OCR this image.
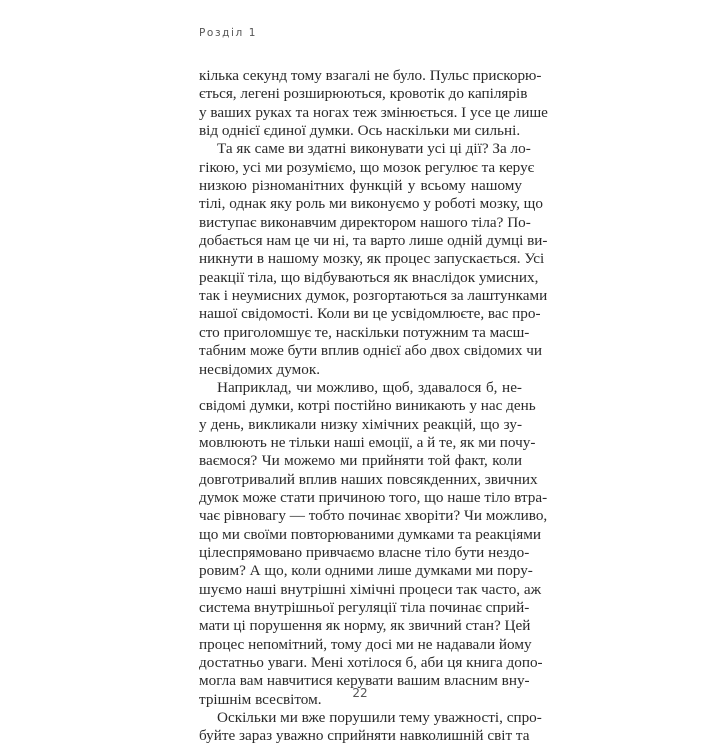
Розділ 1
кілька секунд тому взагалі не було. Пульс прискорю-
ється, легені розширюються, кровотік до капілярів
у ваших руках та ногах теж змінюється. І усе це лише
від однієї єдиної думки. Ось наскільки ми сильні.
Та як саме ви здатні виконувати усі ці дії? За ло-
гікою, усі ми розуміємо, що мозок регулює та керує
низкою різноманітних функцій у всьому нашому
тілі, однак яку роль ми виконуємо у роботі мозку, що
виступає виконавчим директором нашого тіла? По-
добається нам це чи ні, та варто лише одній думці ви-
никнути в нашому мозку, як процес запускається. Усі
реакції тіла, що відбуваються як внаслідок умисних,
так і неумисних думок, розгортаються за лаштунками
нашої свідомості. Коли ви це усвідомлюєте, вас про-
сто приголомшує те, наскільки потужним та масш-
табним може бути вплив однієї або двох свідомих чи
несвідомих думок.
Наприклад, чи можливо, щоб, здавалося б, не-
свідомі думки, котрі постійно виникають у нас день
у день, викликали низку хімічних реакцій, що зу-
мовлюють не тільки наші емоції, а й те, як ми почу-
ваємося? Чи можемо ми прийняти той факт, коли
довготривалий вплив наших повсякденних, звичних
думок може стати причиною того, що наше тіло втра-
чає рівновагу — тобто починає хворіти? Чи можливо,
що ми своїми повторюваними думками та реакціями
цілеспрямовано привчаємо власне тіло бути нездо-
ровим? А що, коли одними лише думками ми пору-
шуємо наші внутрішні хімічні процеси так часто, аж
система внутрішньої регуляції тіла починає сприй-
мати ці порушення як норму, як звичний стан? Цей
процес непомітний, тому досі ми не надавали йому
достатньо уваги. Мені хотілося б, аби ця книга допо-
могла вам навчитися керувати вашим власним вну-
трішнім всесвітом.
Оскільки ми вже порушили тему уважності, спро-
буйте зараз уважно сприйняти навколишній світ та
22
